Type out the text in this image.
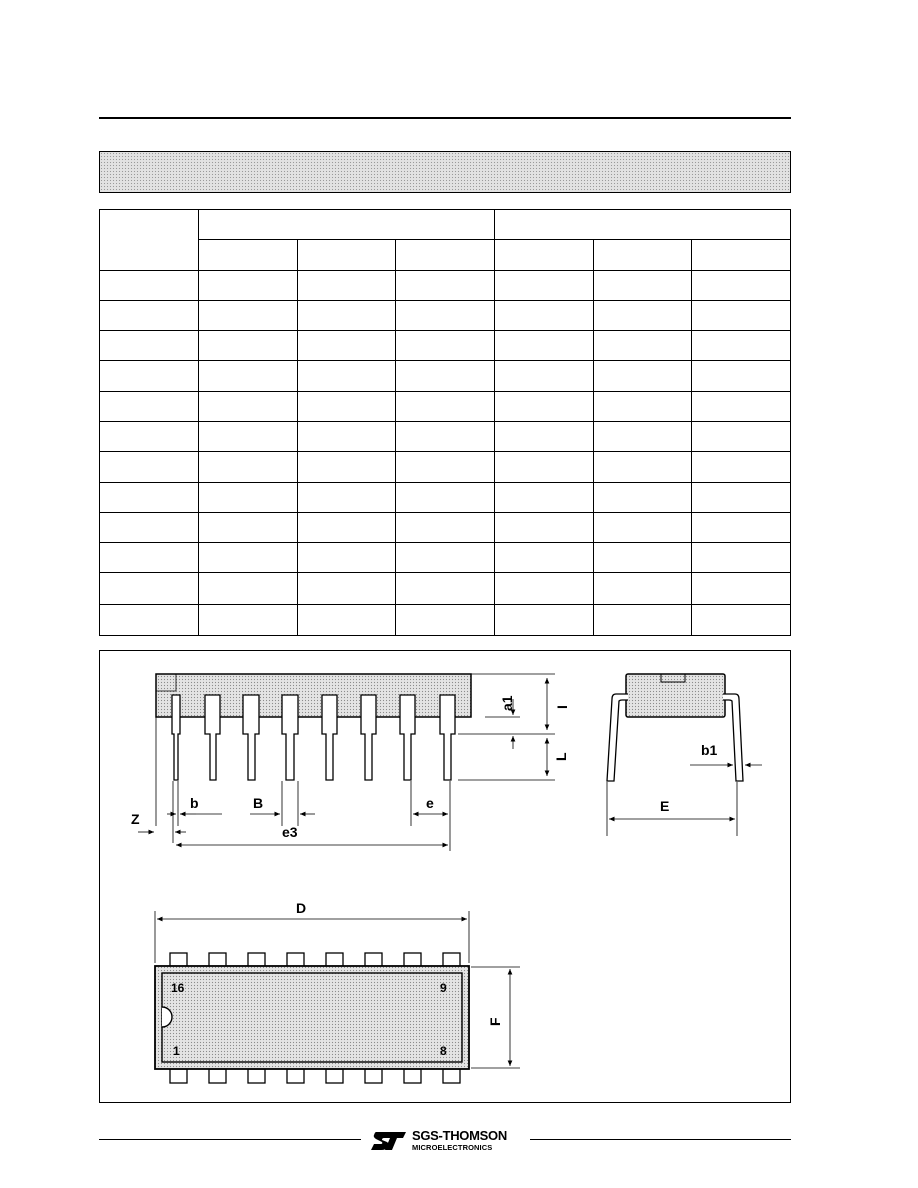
Z
b	B	e
e3
a1	I
L	b1
E
D
F
16	9
1	8
SGS-THOMSON
MICROELECTRONICS
